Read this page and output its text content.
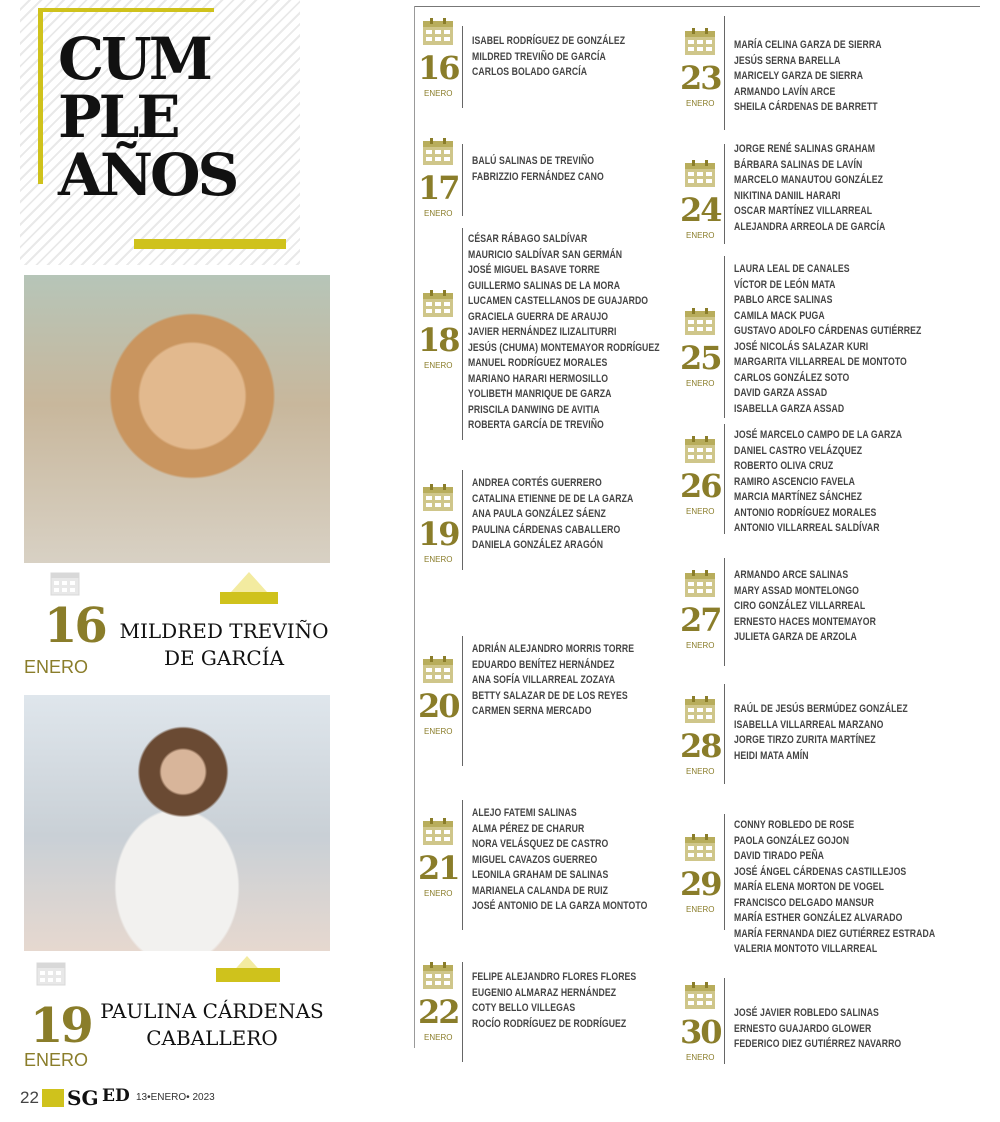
CUM
PLE
AÑOS
16
ENERO
MILDRED TREVIÑO
DE GARCÍA
19
ENERO
PAULINA CÁRDENAS
CABALLERO
16
ENERO
ISABEL RODRÍGUEZ DE GONZÁLEZ
MILDRED TREVIÑO DE GARCÍA
CARLOS BOLADO GARCÍA
17
ENERO
BALÚ SALINAS DE TREVIÑO
FABRIZZIO FERNÁNDEZ CANO
18
ENERO
CÉSAR RÁBAGO SALDÍVAR
MAURICIO SALDÍVAR SAN GERMÁN
JOSÉ MIGUEL BASAVE TORRE
GUILLERMO SALINAS DE LA MORA
LUCAMEN CASTELLANOS DE GUAJARDO
GRACIELA GUERRA DE ARAUJO
JAVIER HERNÁNDEZ ILIZALITURRI
JESÚS (CHUMA) MONTEMAYOR RODRÍGUEZ
MANUEL RODRÍGUEZ MORALES
MARIANO HARARI HERMOSILLO
YOLIBETH MANRIQUE DE GARZA
PRISCILA DANWING DE AVITIA
ROBERTA GARCÍA DE TREVIÑO
19
ENERO
ANDREA CORTÉS GUERRERO
CATALINA ETIENNE DE DE LA GARZA
ANA PAULA GONZÁLEZ SÁENZ
PAULINA CÁRDENAS CABALLERO
DANIELA GONZÁLEZ ARAGÓN
20
ENERO
ADRIÁN ALEJANDRO MORRIS TORRE
EDUARDO BENÍTEZ HERNÁNDEZ
ANA SOFÍA VILLARREAL ZOZAYA
BETTY SALAZAR DE DE LOS REYES
CARMEN SERNA MERCADO
21
ENERO
ALEJO FATEMI SALINAS
ALMA PÉREZ DE CHARUR
NORA VELÁSQUEZ DE CASTRO
MIGUEL CAVAZOS GUERREO
LEONILA GRAHAM DE SALINAS
MARIANELA CALANDA DE RUIZ
JOSÉ ANTONIO DE LA GARZA MONTOTO
22
ENERO
FELIPE ALEJANDRO FLORES FLORES
EUGENIO ALMARAZ HERNÁNDEZ
COTY BELLO VILLEGAS
ROCÍO RODRÍGUEZ DE RODRÍGUEZ
23
ENERO
MARÍA CELINA GARZA DE SIERRA
JESÚS SERNA BARELLA
MARICELY GARZA DE SIERRA
ARMANDO LAVÍN ARCE
SHEILA CÁRDENAS DE BARRETT
24
ENERO
JORGE RENÉ SALINAS GRAHAM
BÁRBARA SALINAS DE LAVÍN
MARCELO MANAUTOU GONZÁLEZ
NIKITINA DANIIL HARARI
OSCAR MARTÍNEZ VILLARREAL
ALEJANDRA ARREOLA DE GARCÍA
25
ENERO
LAURA LEAL DE CANALES
VÍCTOR DE LEÓN MATA
PABLO ARCE SALINAS
CAMILA MACK PUGA
GUSTAVO ADOLFO CÁRDENAS GUTIÉRREZ
JOSÉ NICOLÁS SALAZAR KURI
MARGARITA VILLARREAL DE MONTOTO
CARLOS GONZÁLEZ SOTO
DAVID GARZA ASSAD
ISABELLA GARZA ASSAD
26
ENERO
JOSÉ MARCELO CAMPO DE LA GARZA
DANIEL CASTRO VELÁZQUEZ
ROBERTO OLIVA CRUZ
RAMIRO ASCENCIO FAVELA
MARCIA MARTÍNEZ SÁNCHEZ
ANTONIO RODRÍGUEZ MORALES
ANTONIO VILLARREAL SALDÍVAR
27
ENERO
ARMANDO ARCE SALINAS
MARY ASSAD MONTELONGO
CIRO GONZÁLEZ VILLARREAL
ERNESTO HACES MONTEMAYOR
JULIETA GARZA DE ARZOLA
28
ENERO
RAÚL DE JESÚS BERMÚDEZ GONZÁLEZ
ISABELLA VILLARREAL MARZANO
JORGE TIRZO ZURITA MARTÍNEZ
HEIDI MATA AMÍN
29
ENERO
CONNY ROBLEDO DE ROSE
PAOLA GONZÁLEZ GOJON
DAVID TIRADO PEÑA
JOSÉ ÁNGEL CÁRDENAS CASTILLEJOS
MARÍA ELENA MORTON DE VOGEL
FRANCISCO DELGADO MANSUR
MARÍA ESTHER GONZÁLEZ ALVARADO
MARÍA FERNANDA DIEZ GUTIÉRREZ ESTRADA
VALERIA MONTOTO VILLARREAL
30
ENERO
JOSÉ JAVIER ROBLEDO SALINAS
ERNESTO GUAJARDO GLOWER
FEDERICO DIEZ GUTIÉRREZ NAVARRO
22 SG ED 13•ENERO• 2023
